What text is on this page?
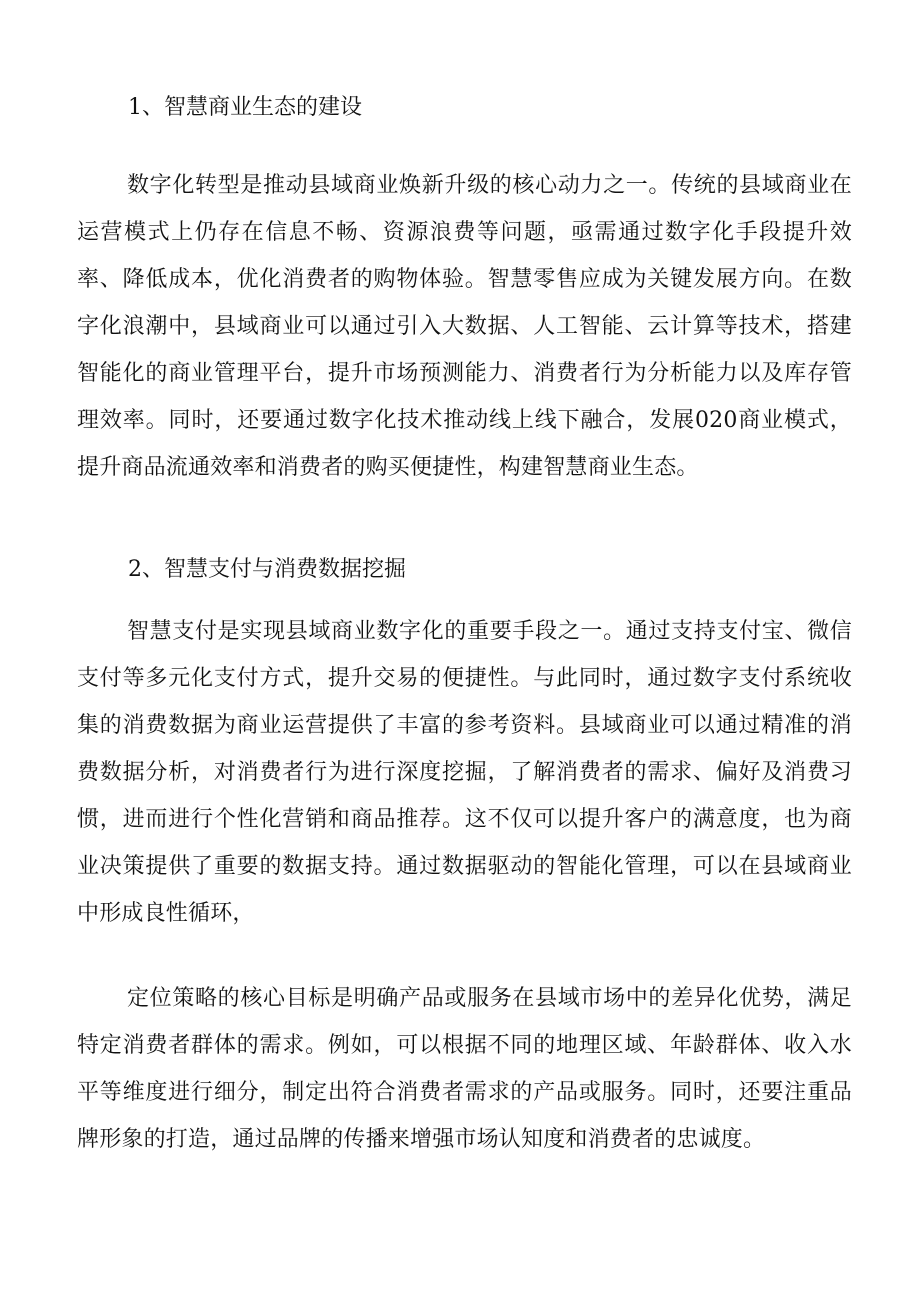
1、智慧商业生态的建设

数字化转型是推动县域商业焕新升级的核心动力之一。传统的县域商业在运营模式上仍存在信息不畅、资源浪费等问题，亟需通过数字化手段提升效率、降低成本，优化消费者的购物体验。智慧零售应成为关键发展方向。在数字化浪潮中，县域商业可以通过引入大数据、人工智能、云计算等技术，搭建智能化的商业管理平台，提升市场预测能力、消费者行为分析能力以及库存管理效率。同时，还要通过数字化技术推动线上线下融合，发展020商业模式，提升商品流通效率和消费者的购买便捷性，构建智慧商业生态。

2、智慧支付与消费数据挖掘

智慧支付是实现县域商业数字化的重要手段之一。通过支持支付宝、微信支付等多元化支付方式，提升交易的便捷性。与此同时，通过数字支付系统收集的消费数据为商业运营提供了丰富的参考资料。县域商业可以通过精准的消费数据分析，对消费者行为进行深度挖掘，了解消费者的需求、偏好及消费习惯，进而进行个性化营销和商品推荐。这不仅可以提升客户的满意度，也为商业决策提供了重要的数据支持。通过数据驱动的智能化管理，可以在县域商业中形成良性循环，

定位策略的核心目标是明确产品或服务在县域市场中的差异化优势，满足特定消费者群体的需求。例如，可以根据不同的地理区域、年龄群体、收入水平等维度进行细分，制定出符合消费者需求的产品或服务。同时，还要注重品牌形象的打造，通过品牌的传播来增强市场认知度和消费者的忠诚度。
